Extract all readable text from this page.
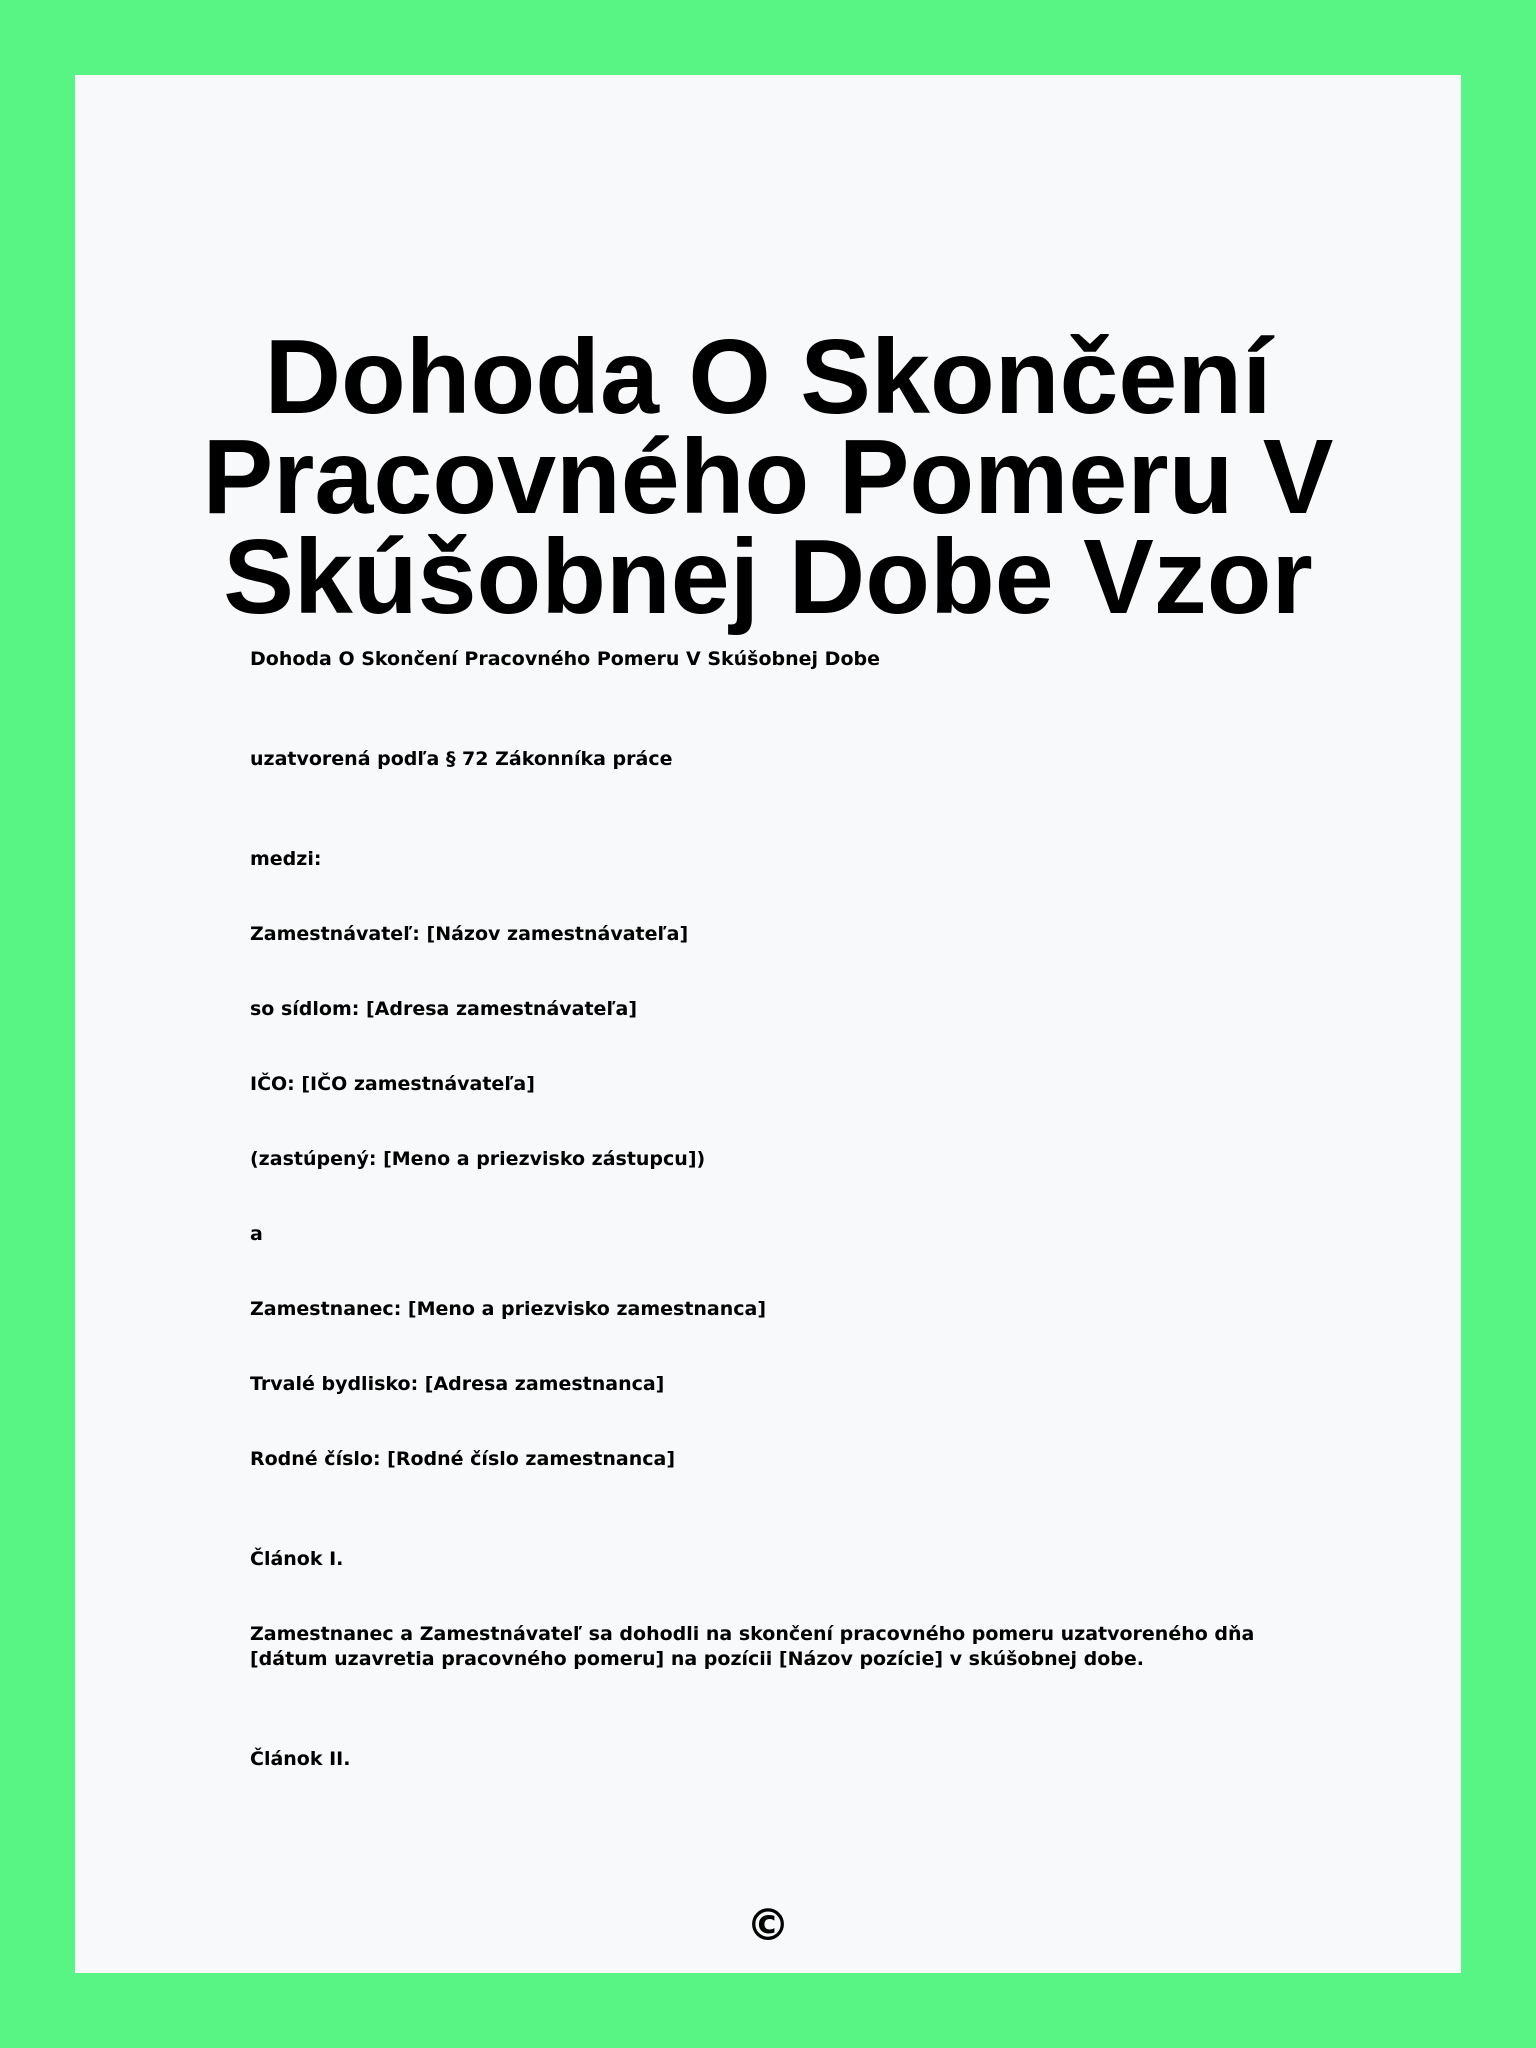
Dohoda O Skončení Pracovného Pomeru V Skúšobnej Dobe Vzor

Dohoda O Skončení Pracovného Pomeru V Skúšobnej Dobe

uzatvorená podľa § 72 Zákonníka práce

medzi:

Zamestnávateľ: [Názov zamestnávateľa]

so sídlom: [Adresa zamestnávateľa]

IČO: [IČO zamestnávateľa]

(zastúpený: [Meno a priezvisko zástupcu])

a

Zamestnanec: [Meno a priezvisko zamestnanca]

Trvalé bydlisko: [Adresa zamestnanca]

Rodné číslo: [Rodné číslo zamestnanca]

Článok I.

Zamestnanec a Zamestnávateľ sa dohodli na skončení pracovného pomeru uzatvoreného dňa [dátum uzavretia pracovného pomeru] na pozícii [Názov pozície] v skúšobnej dobe.

Článok II.

©
